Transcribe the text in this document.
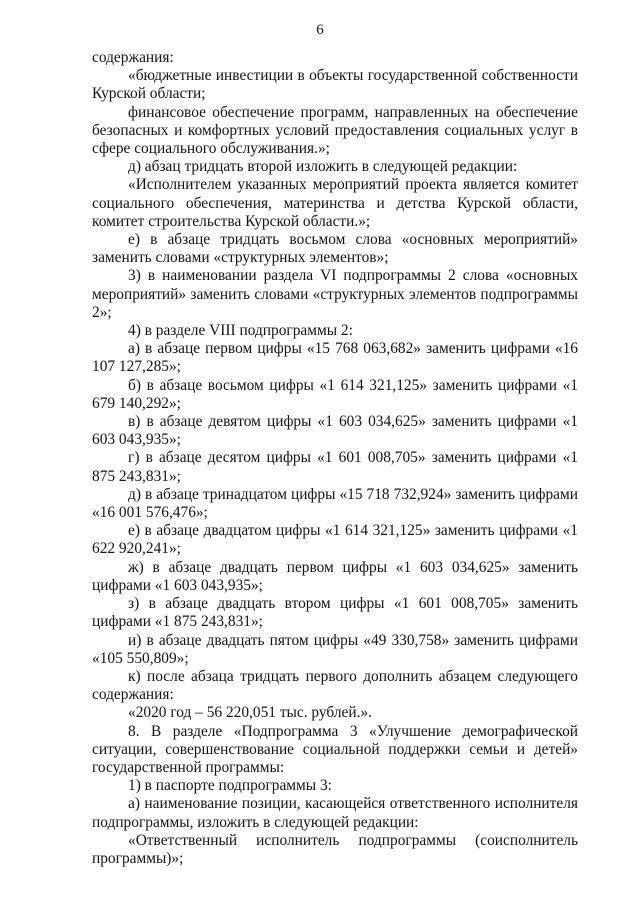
6

содержания:

«бюджетные инвестиции в объекты государственной собственности Курской области;

финансовое обеспечение программ, направленных на обеспечение безопасных и комфортных условий предоставления социальных услуг в сфере социального обслуживания.»;

д) абзац тридцать второй изложить в следующей редакции:

«Исполнителем указанных мероприятий проекта является комитет социального обеспечения, материнства и детства Курской области, комитет строительства Курской области.»;

е) в абзаце тридцать восьмом слова «основных мероприятий» заменить словами «структурных элементов»;

3) в наименовании раздела VI подпрограммы 2 слова «основных мероприятий» заменить словами «структурных элементов подпрограммы 2»;

4) в разделе VIII подпрограммы 2:

а) в абзаце первом цифры «15 768 063,682» заменить цифрами «16 107 127,285»;

б) в абзаце восьмом цифры «1 614 321,125» заменить цифрами «1 679 140,292»;

в) в абзаце девятом цифры «1 603 034,625» заменить цифрами «1 603 043,935»;

г) в абзаце десятом цифры «1 601 008,705» заменить цифрами «1 875 243,831»;

д) в абзаце тринадцатом цифры «15 718 732,924» заменить цифрами «16 001 576,476»;

е) в абзаце двадцатом цифры «1 614 321,125» заменить цифрами «1 622 920,241»;

ж) в абзаце двадцать первом цифры «1 603 034,625» заменить цифрами «1 603 043,935»;

з) в абзаце двадцать втором цифры «1 601 008,705» заменить цифрами «1 875 243,831»;

и) в абзаце двадцать пятом цифры «49 330,758» заменить цифрами «105 550,809»;

к) после абзаца тридцать первого дополнить абзацем следующего содержания:

«2020 год – 56 220,051 тыс. рублей.».

8. В разделе «Подпрограмма 3 «Улучшение демографической ситуации, совершенствование социальной поддержки семьи и детей» государственной программы:

1) в паспорте подпрограммы 3:

а) наименование позиции, касающейся ответственного исполнителя подпрограммы, изложить в следующей редакции:

«Ответственный исполнитель подпрограммы (соисполнитель программы)»;
